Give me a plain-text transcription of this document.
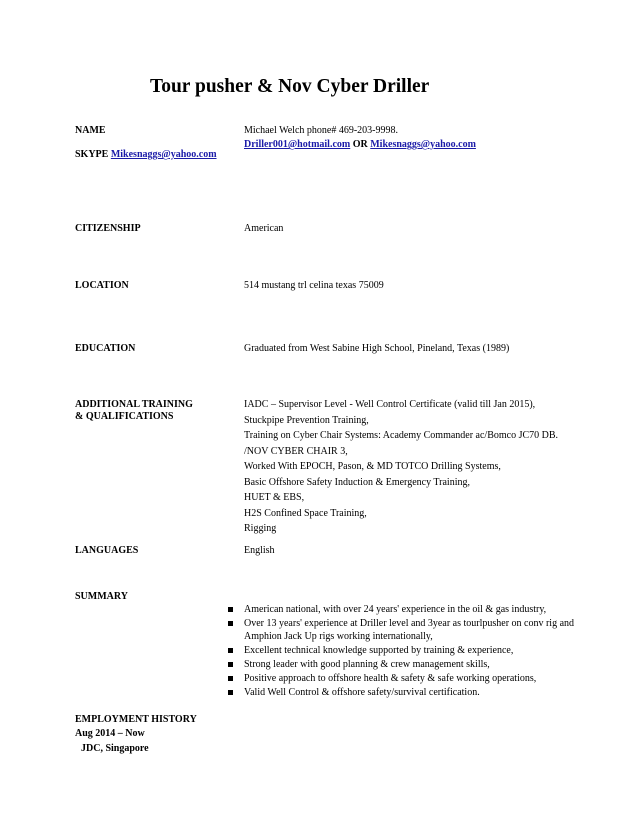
Tour pusher & Nov Cyber Driller
NAME	Michael Welch phone# 469-203-9998.
Driller001@hotmail.com OR Mikesnaggs@yahoo.com
SKYPE Mikesnaggs@yahoo.com
CITIZENSHIP	American
LOCATION	514 mustang trl celina texas 75009
EDUCATION	Graduated from West Sabine High School, Pineland, Texas (1989)
ADDITIONAL TRAINING
& QUALIFICATIONS
IADC – Supervisor Level - Well Control Certificate (valid till Jan 2015),
Stuckpipe Prevention Training,
Training on Cyber Chair Systems: Academy Commander ac/Bomco JC70 DB.
/NOV CYBER CHAIR 3,
Worked With EPOCH, Pason, & MD TOTCO Drilling Systems,
Basic Offshore Safety Induction & Emergency Training,
HUET & EBS,
H2S Confined Space Training,
Rigging
LANGUAGES	English
SUMMARY
American national, with over 24 years' experience in the oil & gas industry,
Over 13 years' experience at Driller level and 3year as tourlpusher on conv rig and Amphion Jack Up rigs working internationally,
Excellent technical knowledge supported by training & experience,
Strong leader with good planning & crew management skills,
Positive approach to offshore health & safety & safe working operations,
Valid Well Control & offshore safety/survival certification.
EMPLOYMENT HISTORY
Aug 2014 – Now
JDC, Singapore
